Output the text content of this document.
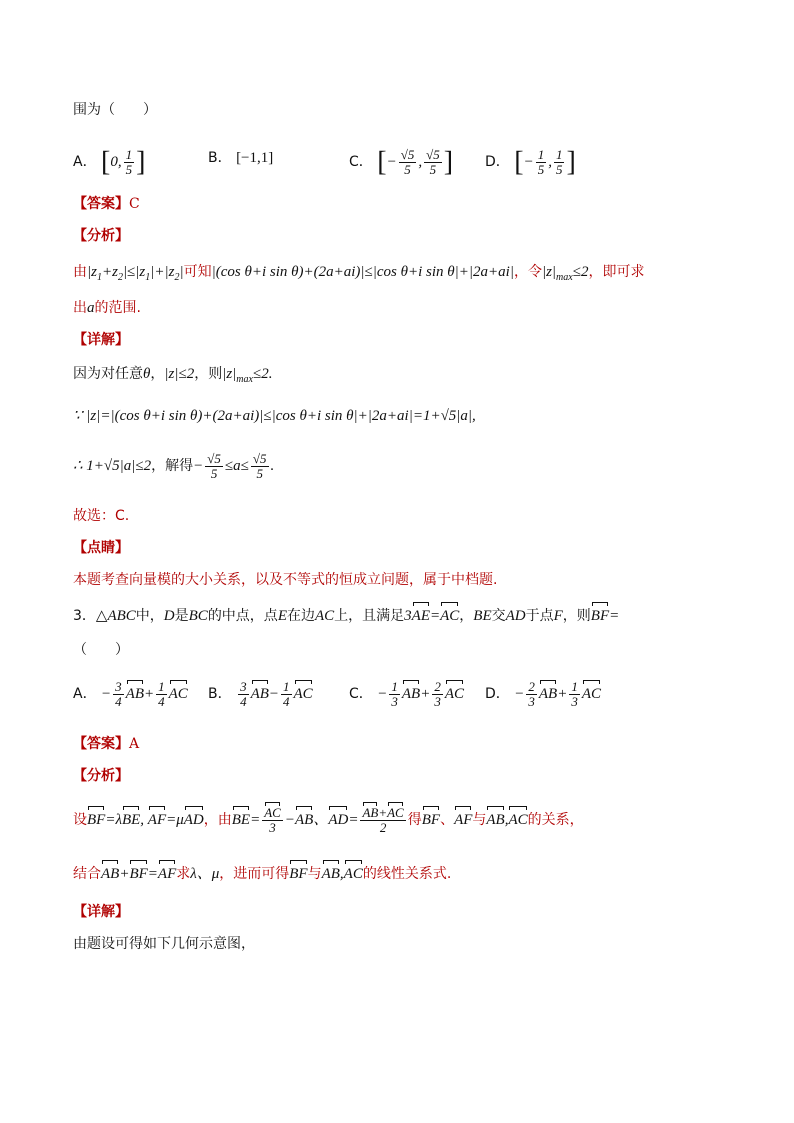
围为（　　）
A． [0, $\frac{1}{5}$ ]	B． [−1,1]	C． [− $\frac{√5}{5}$ , $\frac{√5}{5}$ ] D． [− $\frac{1}{5}$ , $\frac{1}{5}$ ]
【答案】C
【分析】
由$|z_1+z_2|\le|z_1|+|z_2|$可知|(cos θ+i sin θ)+(2a+ai)|≤|cos θ+i sin θ|+|2a+ai|，令$|z|_{max}\le 2$，即可求
出a的范围.
【详解】
因为对任意θ，|z|≤2，则$|z|_{max}\le 2$.
∵ |z|=|(cos θ+i sin θ)+(2a+ai)|≤|cos θ+i sin θ|+|2a+ai|=1+√5|a|,
∴ 1+√5|a|≤2，解得− $\frac{√5}{5} \le a\le \frac{√5}{5}$ .
故选：C.
【点睛】
本题考查向量模的大小关系，以及不等式的恒成立问题，属于中档题.
3．△ABC中，D是BC的中点，点E在边AC上，且满足3AE=AC，BE交AD于点F，则BF=
（　　）
A． − $\frac{3}{4} AB+ \frac{1}{4}$ AC B． $\frac{3}{4} AB- \frac{1}{4}$ AC	C． − $\frac{1}{3} AB+ \frac{2}{3}$ AC D． − $\frac{2}{3} AB+ \frac{1}{3}$ AC
【答案】A
【分析】
设BF=λBE, AF=μAD，由$BE= \frac{AC}{3} -AB$、$AD= \frac{AB+AC}{2}$ 得BF、AF与AB,AC的关系，
结合AB+BF=AF求λ、μ，进而可得BF与AB,AC的线性关系式.
【详解】
由题设可得如下几何示意图，
